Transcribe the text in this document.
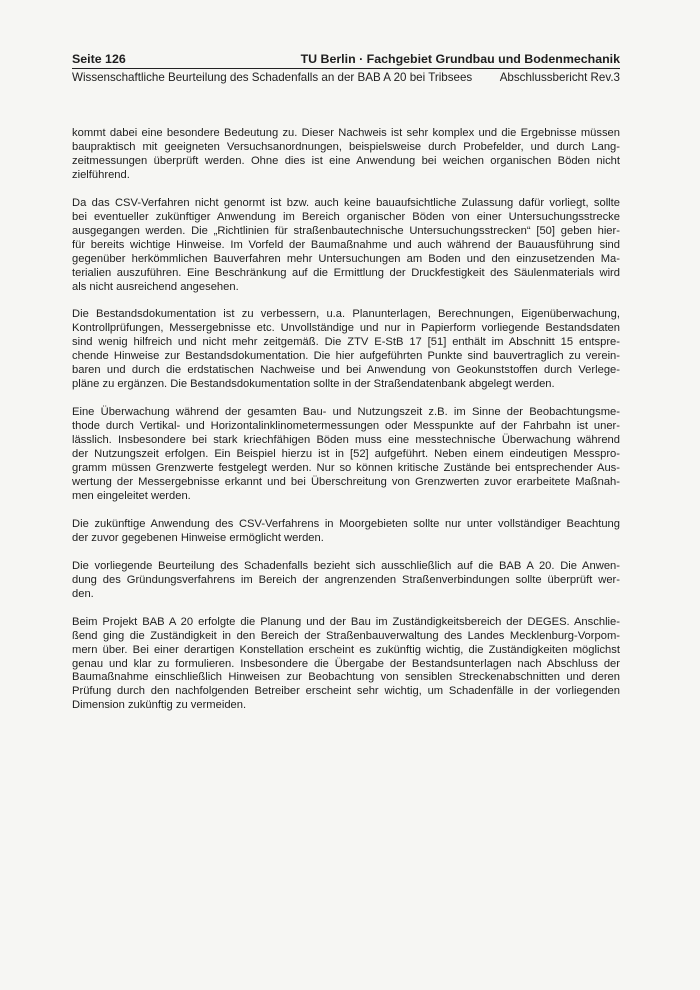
Seite 126	TU Berlin · Fachgebiet Grundbau und Bodenmechanik
Wissenschaftliche Beurteilung des Schadenfalls an der BAB A 20 bei Tribsees Abschlussbericht Rev.3

kommt dabei eine besondere Bedeutung zu. Dieser Nachweis ist sehr komplex und die Ergebnisse müssen
baupraktisch mit geeigneten Versuchsanordnungen, beispielsweise durch Probefelder, und durch Lang-
zeitmessungen überprüft werden. Ohne dies ist eine Anwendung bei weichen organischen Böden nicht
zielführend.

Da das CSV-Verfahren nicht genormt ist bzw. auch keine bauaufsichtliche Zulassung dafür vorliegt, sollte
bei eventueller zukünftiger Anwendung im Bereich organischer Böden von einer Untersuchungsstrecke
ausgegangen werden. Die „Richtlinien für straßenbautechnische Untersuchungsstrecken“ [50] geben hier-
für bereits wichtige Hinweise. Im Vorfeld der Baumaßnahme und auch während der Bauausführung sind
gegenüber herkömmlichen Bauverfahren mehr Untersuchungen am Boden und den einzusetzenden Ma-
terialien auszuführen. Eine Beschränkung auf die Ermittlung der Druckfestigkeit des Säulenmaterials wird
als nicht ausreichend angesehen.

Die Bestandsdokumentation ist zu verbessern, u.a. Planunterlagen, Berechnungen, Eigenüberwachung,
Kontrollprüfungen, Messergebnisse etc. Unvollständige und nur in Papierform vorliegende Bestandsdaten
sind wenig hilfreich und nicht mehr zeitgemäß. Die ZTV E-StB 17 [51] enthält im Abschnitt 15 entspre-
chende Hinweise zur Bestandsdokumentation. Die hier aufgeführten Punkte sind bauvertraglich zu verein-
baren und durch die erdstatischen Nachweise und bei Anwendung von Geokunststoffen durch Verlege-
pläne zu ergänzen. Die Bestandsdokumentation sollte in der Straßendatenbank abgelegt werden.

Eine Überwachung während der gesamten Bau- und Nutzungszeit z.B. im Sinne der Beobachtungsme-
thode durch Vertikal- und Horizontalinklinometermessungen oder Messpunkte auf der Fahrbahn ist uner-
lässlich. Insbesondere bei stark kriechfähigen Böden muss eine messtechnische Überwachung während
der Nutzungszeit erfolgen. Ein Beispiel hierzu ist in [52] aufgeführt. Neben einem eindeutigen Messpro-
gramm müssen Grenzwerte festgelegt werden. Nur so können kritische Zustände bei entsprechender Aus-
wertung der Messergebnisse erkannt und bei Überschreitung von Grenzwerten zuvor erarbeitete Maßnah-
men eingeleitet werden.

Die zukünftige Anwendung des CSV-Verfahrens in Moorgebieten sollte nur unter vollständiger Beachtung
der zuvor gegebenen Hinweise ermöglicht werden.

Die vorliegende Beurteilung des Schadenfalls bezieht sich ausschließlich auf die BAB A 20. Die Anwen-
dung des Gründungsverfahrens im Bereich der angrenzenden Straßenverbindungen sollte überprüft wer-
den.

Beim Projekt BAB A 20 erfolgte die Planung und der Bau im Zuständigkeitsbereich der DEGES. Anschlie-
ßend ging die Zuständigkeit in den Bereich der Straßenbauverwaltung des Landes Mecklenburg-Vorpom-
mern über. Bei einer derartigen Konstellation erscheint es zukünftig wichtig, die Zuständigkeiten möglichst
genau und klar zu formulieren. Insbesondere die Übergabe der Bestandsunterlagen nach Abschluss der
Baumaßnahme einschließlich Hinweisen zur Beobachtung von sensiblen Streckenabschnitten und deren
Prüfung durch den nachfolgenden Betreiber erscheint sehr wichtig, um Schadenfälle in der vorliegenden
Dimension zukünftig zu vermeiden.
